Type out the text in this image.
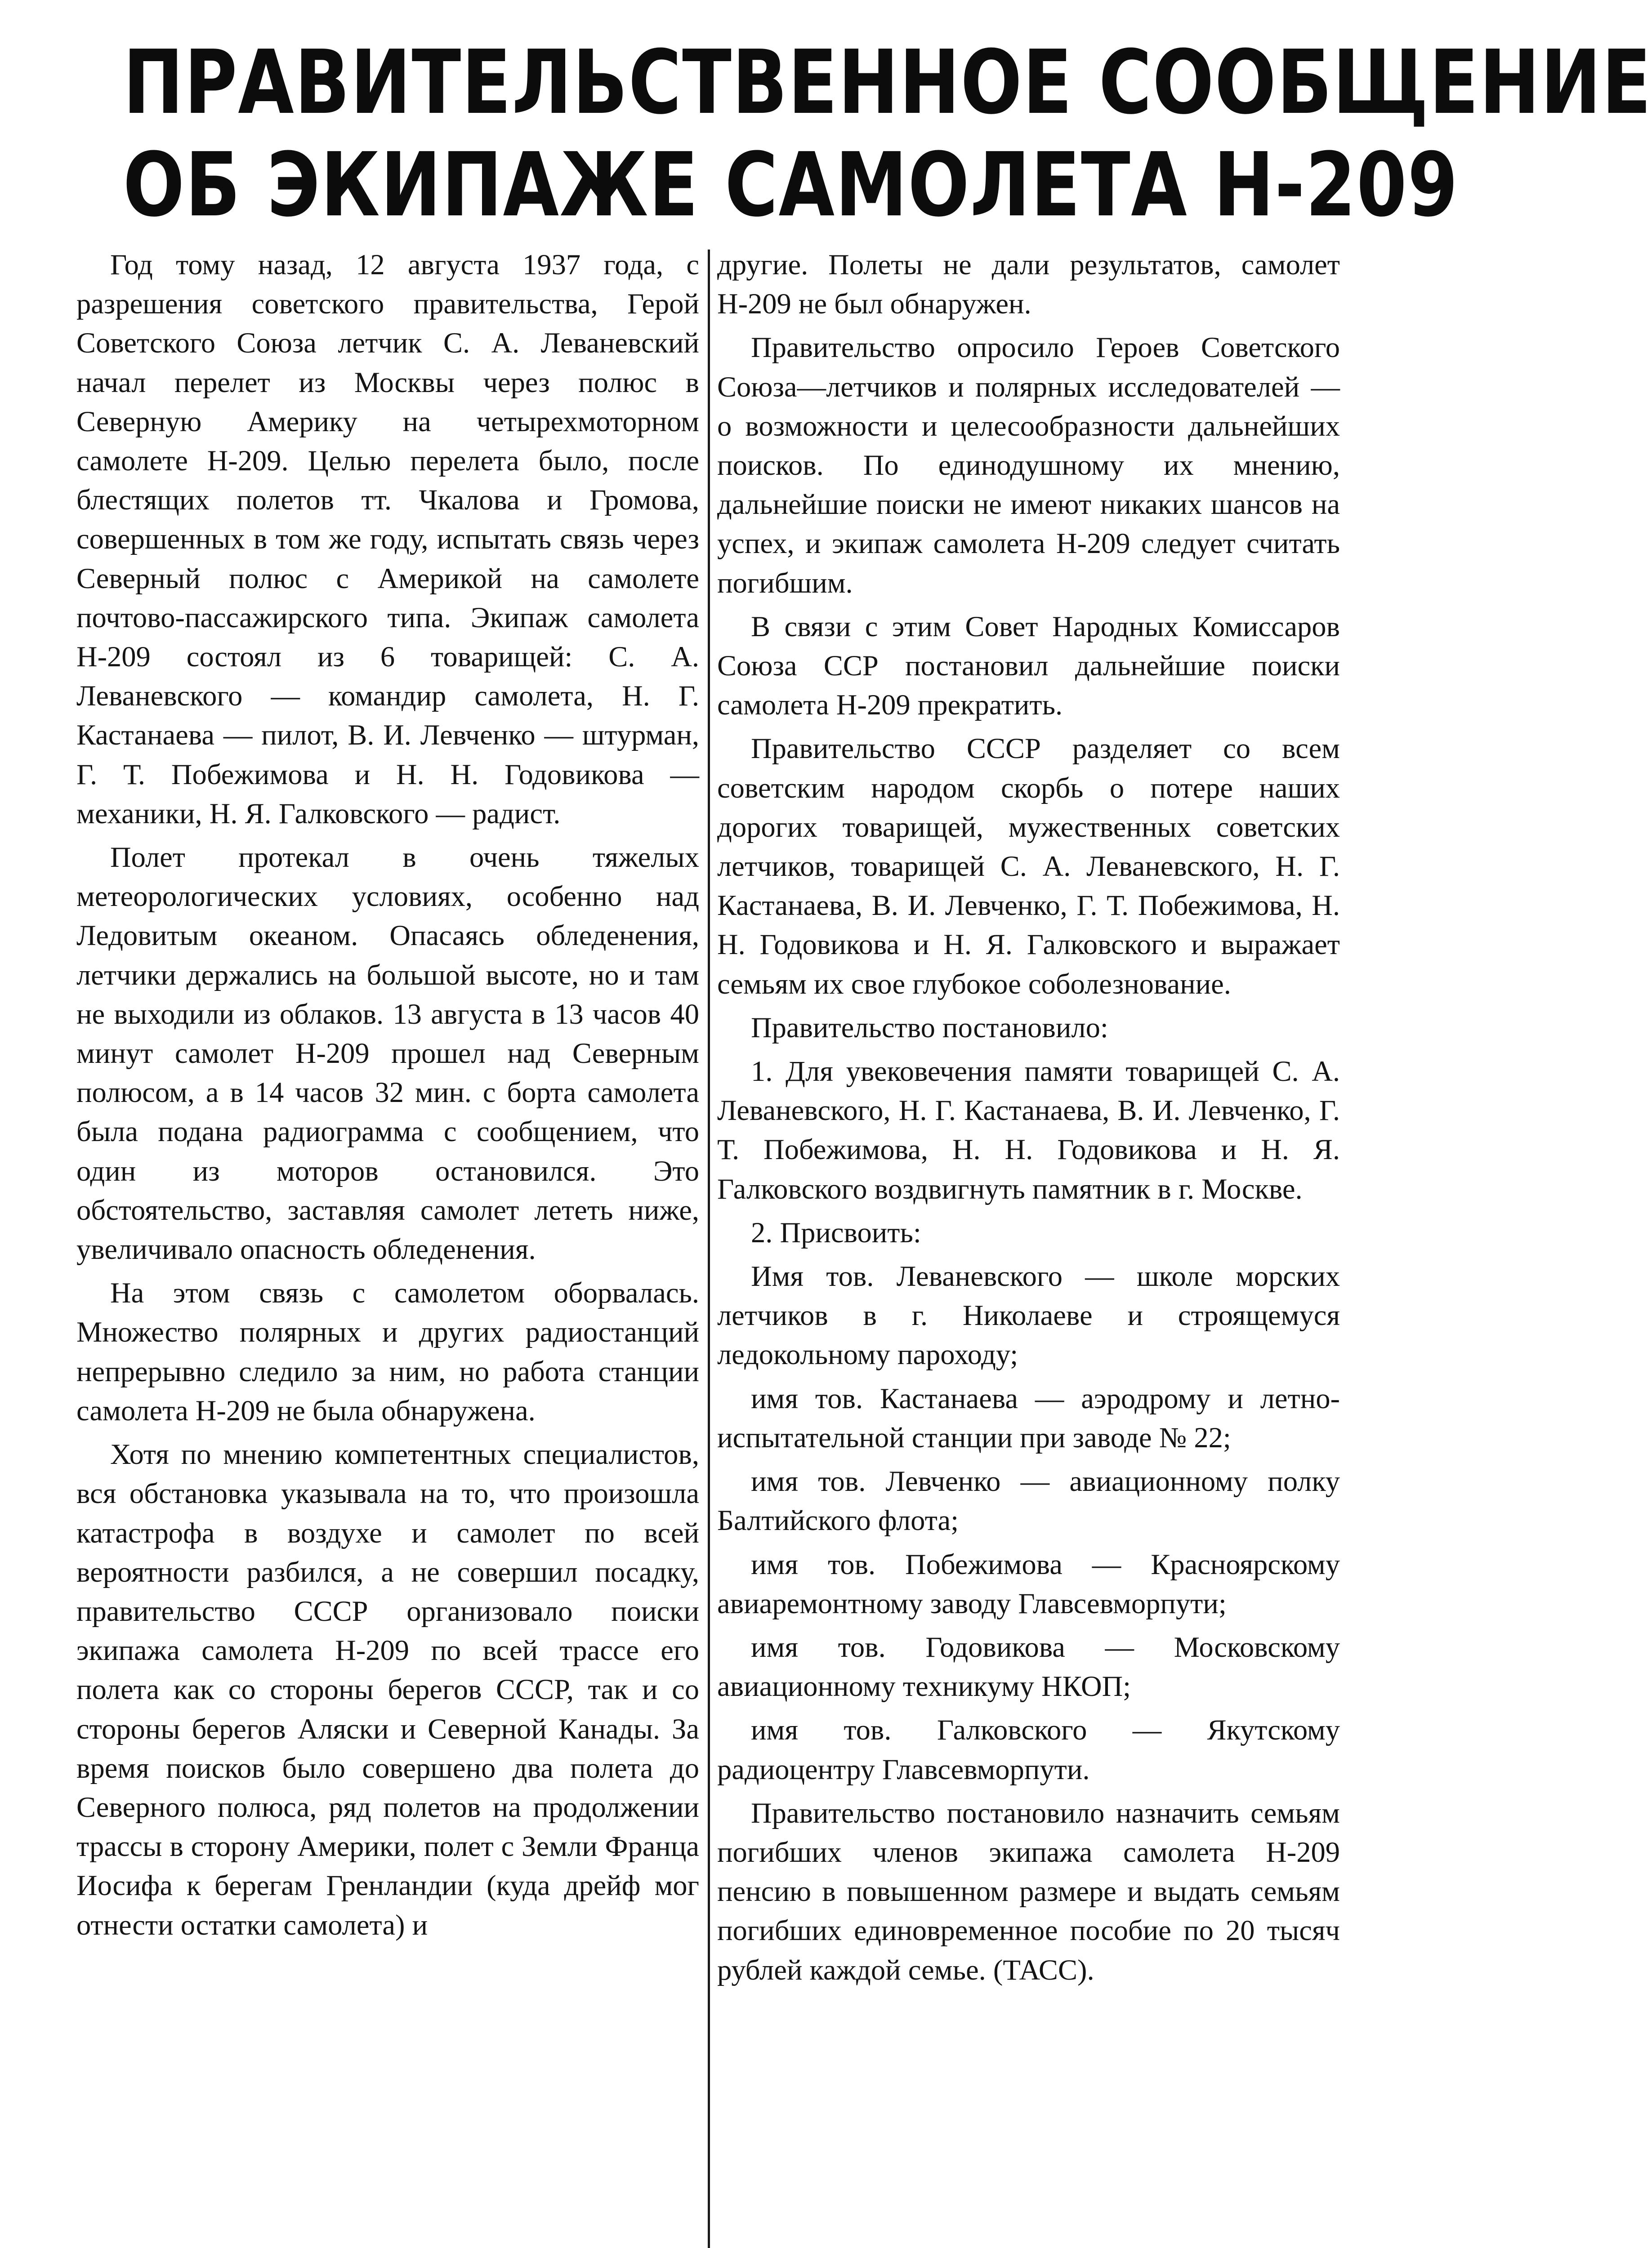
ПРАВИТЕЛЬСТВЕННОЕ СООБЩЕНИЕ
ОБ ЭКИПАЖЕ САМОЛЕТА Н-209

Год тому назад, 12 августа 1937 года, с разрешения советского правительства, Герой Советского Союза летчик С. А. Леваневский начал перелет из Москвы через полюс в Северную Америку на четырехмоторном самолете Н-209. Целью перелета было, после блестящих полетов тт. Чкалова и Громова, совершенных в том же году, испытать связь через Северный полюс с Америкой на самолете почтово-пассажирского типа. Экипаж самолета Н-209 состоял из 6 товарищей: С. А. Леваневского — командир самолета, Н. Г. Кастанаева — пилот, В. И. Левченко — штурман, Г. Т. Побежимова и Н. Н. Годовикова — механики, Н. Я. Галковского — радист.

Полет протекал в очень тяжелых метеорологических условиях, особенно над Ледовитым океаном. Опасаясь обледенения, летчики держались на большой высоте, но и там не выходили из облаков. 13 августа в 13 часов 40 минут самолет Н-209 прошел над Северным полюсом, а в 14 часов 32 мин. с борта самолета была подана радиограмма с сообщением, что один из моторов остановился. Это обстоятельство, заставляя самолет лететь ниже, увеличивало опасность обледенения.

На этом связь с самолетом оборвалась. Множество полярных и других радиостанций непрерывно следило за ним, но работа станции самолета Н-209 не была обнаружена.

Хотя по мнению компетентных специалистов, вся обстановка указывала на то, что произошла катастрофа в воздухе и самолет по всей вероятности разбился, а не совершил посадку, правительство СССР организовало поиски экипажа самолета Н-209 по всей трассе его полета как со стороны берегов СССР, так и со стороны берегов Аляски и Северной Канады. За время поисков было совершено два полета до Северного полюса, ряд полетов на продолжении трассы в сторону Америки, полет с Земли Франца Иосифа к берегам Гренландии (куда дрейф мог отнести остатки самолета) и

другие. Полеты не дали результатов, самолет Н-209 не был обнаружен.

Правительство опросило Героев Советского Союза—летчиков и полярных исследователей — о возможности и целесообразности дальнейших поисков. По единодушному их мнению, дальнейшие поиски не имеют никаких шансов на успех, и экипаж самолета Н-209 следует считать погибшим.

В связи с этим Совет Народных Комиссаров Союза ССР постановил дальнейшие поиски самолета Н-209 прекратить.

Правительство СССР разделяет со всем советским народом скорбь о потере наших дорогих товарищей, мужественных советских летчиков, товарищей С. А. Леваневского, Н. Г. Кастанаева, В. И. Левченко, Г. Т. Побежимова, Н. Н. Годовикова и Н. Я. Галковского и выражает семьям их свое глубокое соболезнование.

Правительство постановило:

1. Для увековечения памяти товарищей С. А. Леваневского, Н. Г. Кастанаева, В. И. Левченко, Г. Т. Побежимова, Н. Н. Годовикова и Н. Я. Галковского воздвигнуть памятник в г. Москве.

2. Присвоить:

Имя тов. Леваневского — школе морских летчиков в г. Николаеве и строящемуся ледокольному пароходу;

имя тов. Кастанаева — аэродрому и летно-испытательной станции при заводе № 22;

имя тов. Левченко — авиационному полку Балтийского флота;

имя тов. Побежимова — Красноярскому авиаремонтному заводу Главсевморпути;

имя тов. Годовикова — Московскому авиационному техникуму НКОП;

имя тов. Галковского — Якутскому радиоцентру Главсевморпути.

Правительство постановило назначить семьям погибших членов экипажа самолета Н-209 пенсию в повышенном размере и выдать семьям погибших единовременное пособие по 20 тысяч рублей каждой семье. (ТАСС).
